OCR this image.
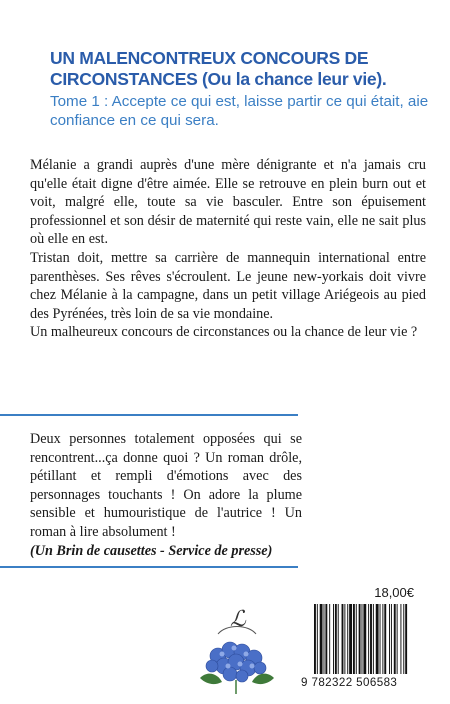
UN MALENCONTREUX CONCOURS DE CIRCONSTANCES (Ou la chance leur vie).
Tome 1 : Accepte ce qui est, laisse partir ce qui était, aie confiance en ce qui sera.

Mélanie a grandi auprès d'une mère dénigrante et n'a jamais cru qu'elle était digne d'être aimée. Elle se retrouve en plein burn out et voit, malgré elle, toute sa vie basculer. Entre son épuisement professionnel et son désir de maternité qui reste vain, elle ne sait plus où elle en est.

Tristan doit, mettre sa carrière de mannequin international entre parenthèses. Ses rêves s'écroulent. Le jeune new-yorkais doit vivre chez Mélanie à la campagne, dans un petit village Ariégeois au pied des Pyrénées, très loin de sa vie mondaine.

Un malheureux concours de circonstances ou la chance de leur vie ?

Deux personnes totalement opposées qui se rencontrent...ça donne quoi ? Un roman drôle, pétillant et rempli d'émotions avec des personnages touchants ! On adore la plume sensible et humouristique de l'autrice ! Un roman à lire absolument !

(Un Brin de causettes - Service de presse)

18,00€
ℒ
9 782322 506583
